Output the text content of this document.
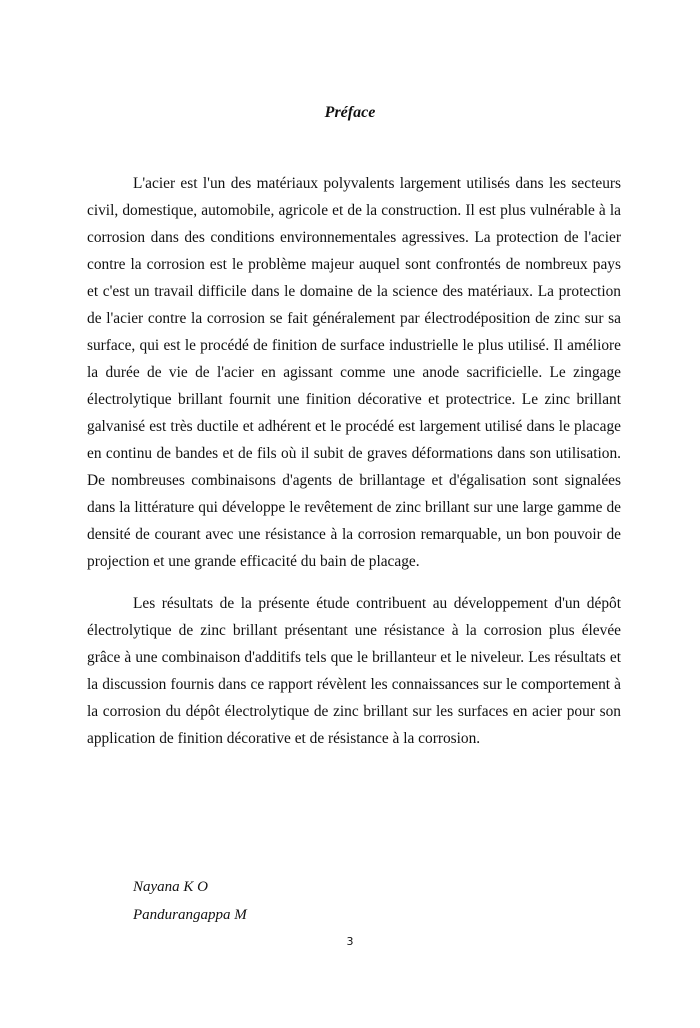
Préface

L'acier est l'un des matériaux polyvalents largement utilisés dans les secteurs civil, domestique, automobile, agricole et de la construction. Il est plus vulnérable à la corrosion dans des conditions environnementales agressives. La protection de l'acier contre la corrosion est le problème majeur auquel sont confrontés de nombreux pays et c'est un travail difficile dans le domaine de la science des matériaux. La protection de l'acier contre la corrosion se fait généralement par électrodéposition de zinc sur sa surface, qui est le procédé de finition de surface industrielle le plus utilisé. Il améliore la durée de vie de l'acier en agissant comme une anode sacrificielle. Le zingage électrolytique brillant fournit une finition décorative et protectrice. Le zinc brillant galvanisé est très ductile et adhérent et le procédé est largement utilisé dans le placage en continu de bandes et de fils où il subit de graves déformations dans son utilisation. De nombreuses combinaisons d'agents de brillantage et d'égalisation sont signalées dans la littérature qui développe le revêtement de zinc brillant sur une large gamme de densité de courant avec une résistance à la corrosion remarquable, un bon pouvoir de projection et une grande efficacité du bain de placage.

Les résultats de la présente étude contribuent au développement d'un dépôt électrolytique de zinc brillant présentant une résistance à la corrosion plus élevée grâce à une combinaison d'additifs tels que le brillanteur et le niveleur. Les résultats et la discussion fournis dans ce rapport révèlent les connaissances sur le comportement à la corrosion du dépôt électrolytique de zinc brillant sur les surfaces en acier pour son application de finition décorative et de résistance à la corrosion.

Nayana K O
Pandurangappa M
3
